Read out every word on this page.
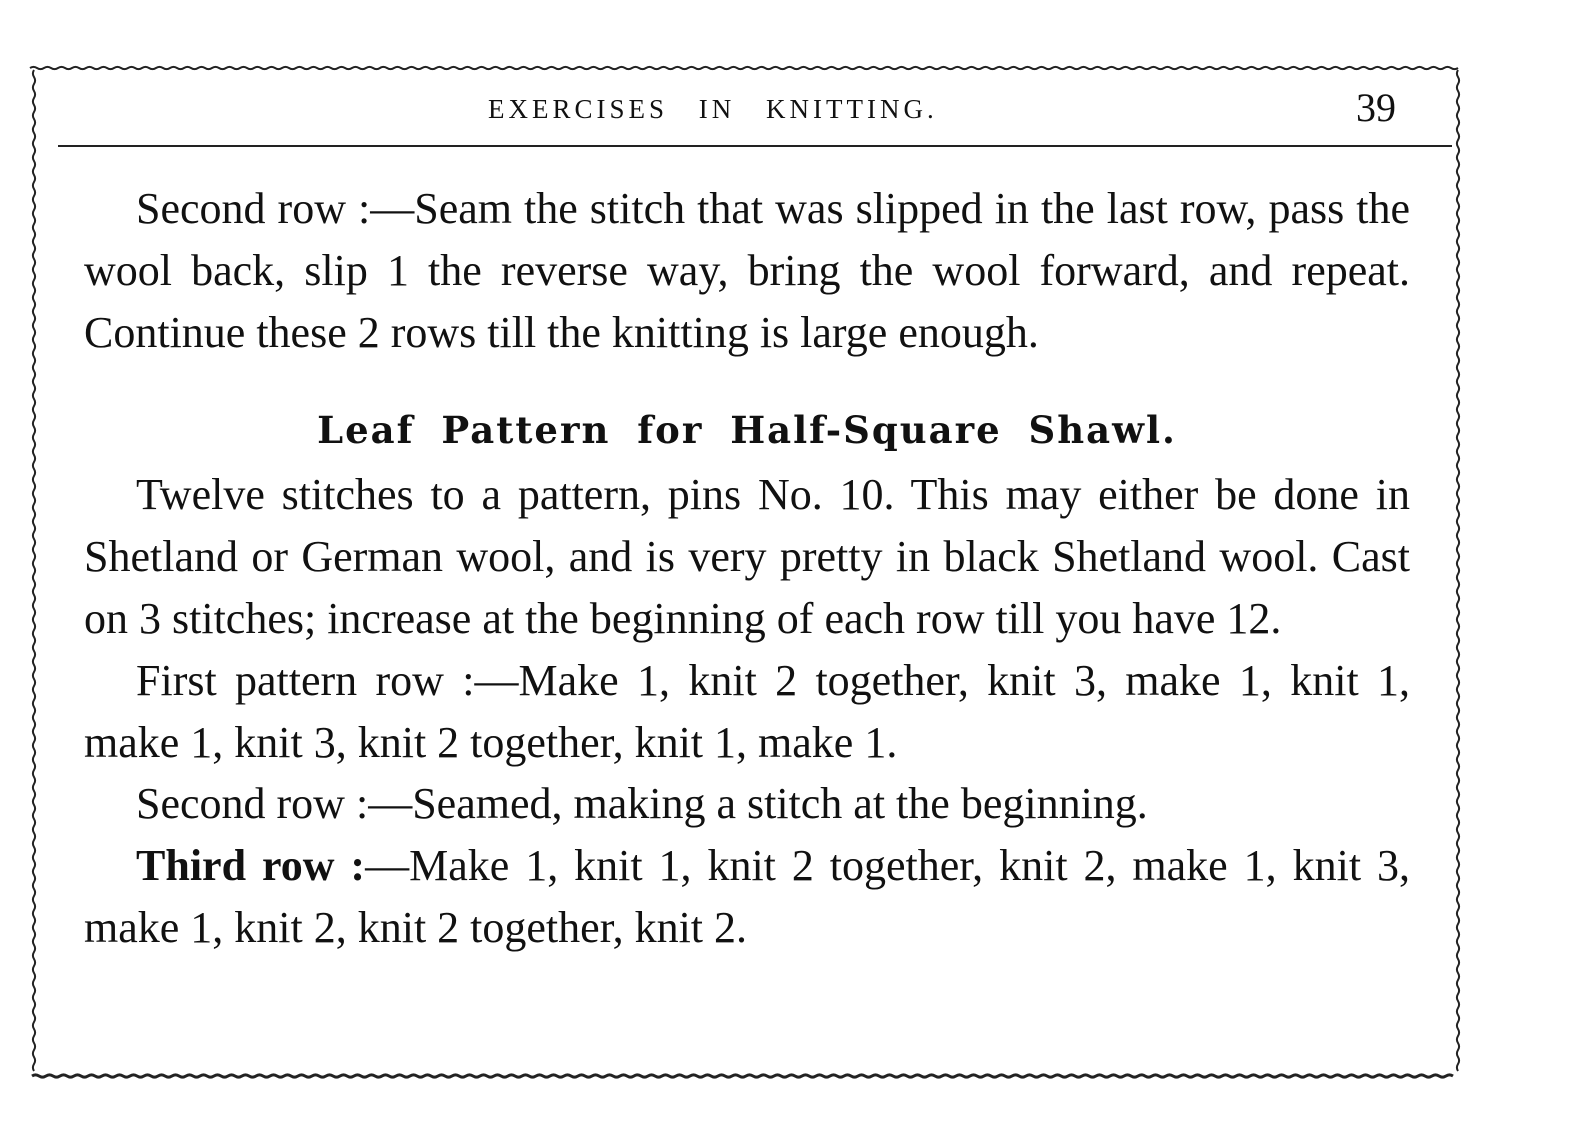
EXERCISES IN KNITTING.	39

Second row :—Seam the stitch that was slipped in the last row, pass the wool back, slip 1 the reverse way, bring the wool forward, and repeat. Continue these 2 rows till the knitting is large enough.

Leaf Pattern for Half-Square Shawl.

Twelve stitches to a pattern, pins No. 10. This may either be done in Shetland or German wool, and is very pretty in black Shetland wool. Cast on 3 stitches; increase at the beginning of each row till you have 12.

First pattern row :—Make 1, knit 2 together, knit 3, make 1, knit 1, make 1, knit 3, knit 2 together, knit 1, make 1.

Second row :—Seamed, making a stitch at the beginning.

Third row :—Make 1, knit 1, knit 2 together, knit 2, make 1, knit 3, make 1, knit 2, knit 2 together, knit 2.
